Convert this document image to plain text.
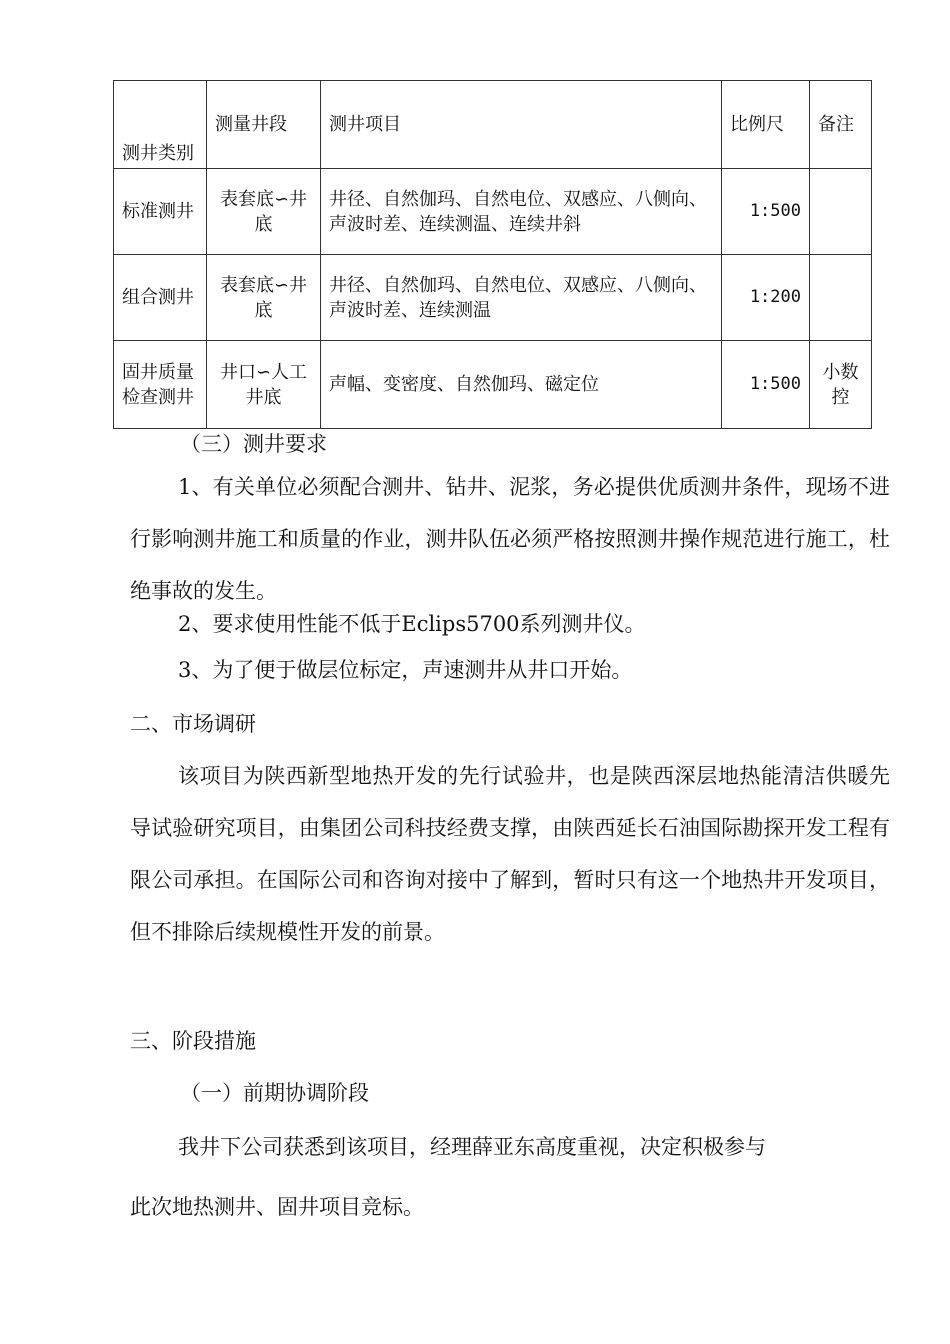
测井类别	测量井段	测井项目	比例尺	备注
标准测井	表套底∽井底	井径、自然伽玛、自然电位、双感应、八侧向、声波时差、连续测温、连续井斜	1:500	
组合测井	表套底∽井底	井径、自然伽玛、自然电位、双感应、八侧向、声波时差、连续测温	1:200	
固井质量检查测井	井口∽人工井底	声幅、变密度、自然伽玛、磁定位	1:500	小数控

（三）测井要求

1、有关单位必须配合测井、钻井、泥浆，务必提供优质测井条件，现场不进行影响测井施工和质量的作业，测井队伍必须严格按照测井操作规范进行施工，杜绝事故的发生。

2、要求使用性能不低于Eclips5700系列测井仪。

3、为了便于做层位标定，声速测井从井口开始。

二、市场调研

该项目为陕西新型地热开发的先行试验井，也是陕西深层地热能清洁供暖先导试验研究项目，由集团公司科技经费支撑，由陕西延长石油国际勘探开发工程有限公司承担。在国际公司和咨询对接中了解到，暂时只有这一个地热井开发项目，但不排除后续规模性开发的前景。

三、阶段措施

（一）前期协调阶段

我井下公司获悉到该项目，经理薛亚东高度重视，决定积极参与

此次地热测井、固井项目竞标。
